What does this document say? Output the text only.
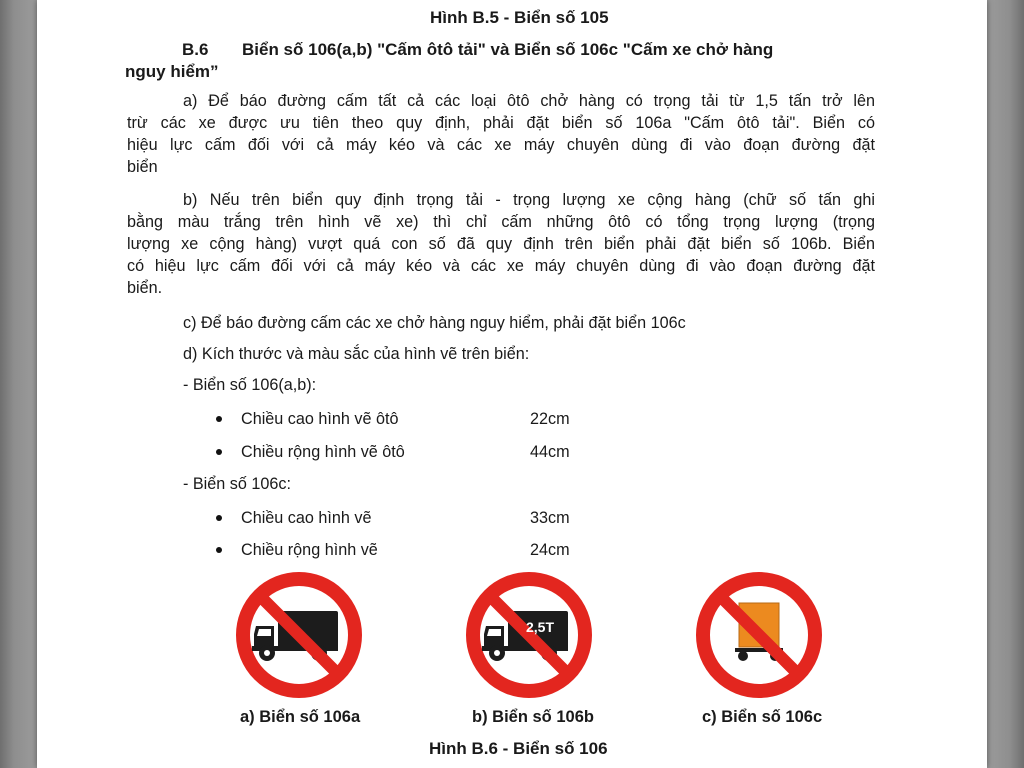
Hình B.5 - Biển số 105
B.6 Biển số 106(a,b) "Cấm ôtô tải" và Biển số 106c "Cấm xe chở hàng
nguy hiểm”
a) Để báo đường cấm tất cả các loại ôtô chở hàng có trọng tải từ 1,5 tấn trở lên
trừ các xe được ưu tiên theo quy định, phải đặt biển số 106a "Cấm ôtô tải". Biển có
hiệu lực cấm đối với cả máy kéo và các xe máy chuyên dùng đi vào đoạn đường đặt
biển
b) Nếu trên biển quy định trọng tải - trọng lượng xe cộng hàng (chữ số tấn ghi
bằng màu trắng trên hình vẽ xe) thì chỉ cấm những ôtô có tổng trọng lượng (trọng
lượng xe cộng hàng) vượt quá con số đã quy định trên biển phải đặt biển số 106b. Biển
có hiệu lực cấm đối với cả máy kéo và các xe máy chuyên dùng đi vào đoạn đường đặt
biển.
c) Để báo đường cấm các xe chở hàng nguy hiểm, phải đặt biển 106c
d) Kích thước và màu sắc của hình vẽ trên biển:
- Biển số 106(a,b):
Chiều cao hình vẽ ôtô	22cm
Chiều rộng hình vẽ ôtô	44cm
- Biển số 106c:
Chiều cao hình vẽ	33cm
Chiều rộng hình vẽ	24cm
2,5T
a) Biển số 106a	b) Biển số 106b	c) Biển số 106c
Hình B.6 - Biển số 106
